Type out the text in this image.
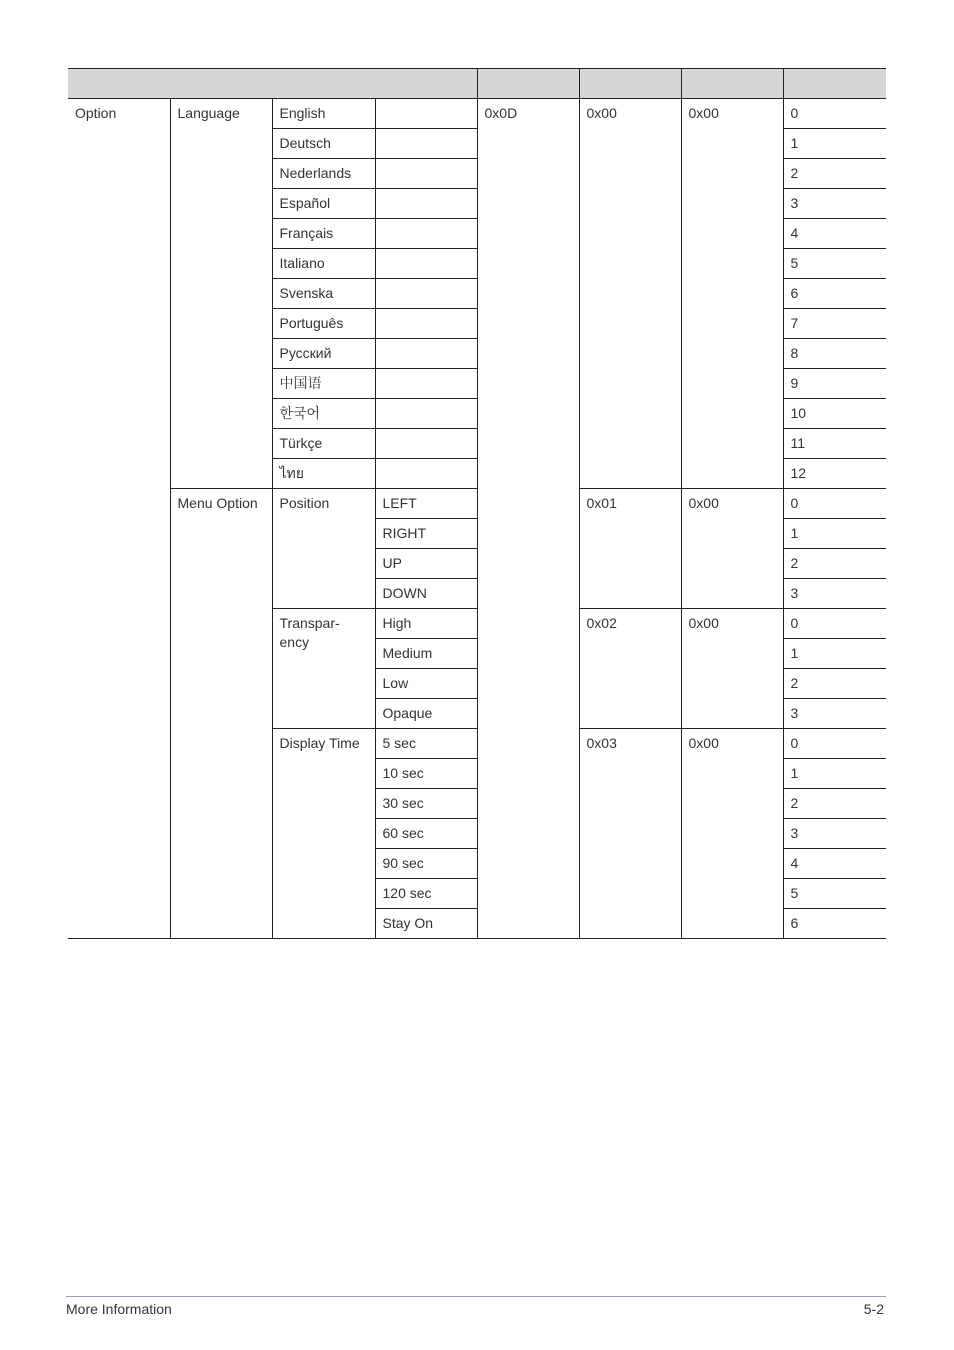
Option	Language	English		0x0D	0x00	0x00	0
		Deutsch					1
		Nederlands					2
		Español					3
		Français					4
		Italiano					5
		Svenska					6
		Português					7
		Русский					8
		中国语					9
		한국어					10
		Türkçe					11
		ไทย					12
	Menu Option	Position	LEFT		0x01	0x00	0
			RIGHT				1
			UP				2
			DOWN				3
		Transpar-ency	High		0x02	0x00	0
			Medium				1
			Low				2
			Opaque				3
		Display Time	5 sec		0x03	0x00	0
			10 sec				1
			30 sec				2
			60 sec				3
			90 sec				4
			120 sec				5
			Stay On				6
More Information	5-2
